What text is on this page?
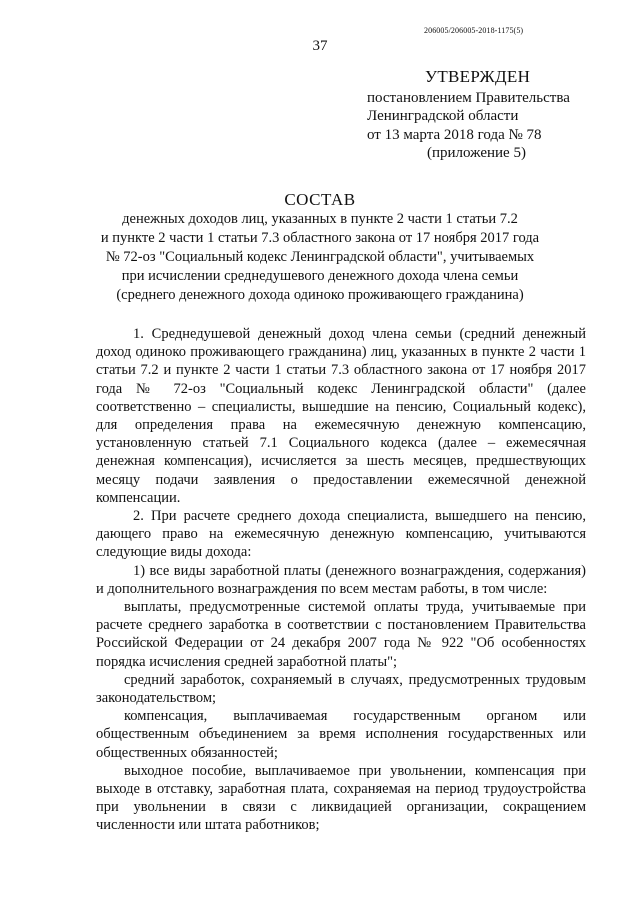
206005/206005-2018-1175(5)
37
УТВЕРЖДЕН
постановлением Правительства
Ленинградской области
от 13 марта 2018 года № 78
(приложение 5)
СОСТАВ
денежных доходов лиц, указанных в пункте 2 части 1 статьи 7.2
и пункте 2 части 1 статьи 7.3 областного закона от 17 ноября 2017 года
№ 72-оз "Социальный кодекс Ленинградской области", учитываемых
при исчислении среднедушевого денежного дохода члена семьи
(среднего денежного дохода одиноко проживающего гражданина)

1. Среднедушевой денежный доход члена семьи (средний денежный доход одиноко проживающего гражданина) лиц, указанных в пункте 2 части 1 статьи 7.2 и пункте 2 части 1 статьи 7.3 областного закона от 17 ноября 2017 года № 72-оз "Социальный кодекс Ленинградской области" (далее соответственно – специалисты, вышедшие на пенсию, Социальный кодекс), для определения права на ежемесячную денежную компенсацию, установленную статьей 7.1 Социального кодекса (далее – ежемесячная денежная компенсация), исчисляется за шесть месяцев, предшествующих месяцу подачи заявления о предоставлении ежемесячной денежной компенсации.

2. При расчете среднего дохода специалиста, вышедшего на пенсию, дающего право на ежемесячную денежную компенсацию, учитываются следующие виды дохода:

1) все виды заработной платы (денежного вознаграждения, содержания) и дополнительного вознаграждения по всем местам работы, в том числе:

выплаты, предусмотренные системой оплаты труда, учитываемые при расчете среднего заработка в соответствии с постановлением Правительства Российской Федерации от 24 декабря 2007 года № 922 "Об особенностях порядка исчисления средней заработной платы";

средний заработок, сохраняемый в случаях, предусмотренных трудовым законодательством;

компенсация, выплачиваемая государственным органом или общественным объединением за время исполнения государственных или общественных обязанностей;

выходное пособие, выплачиваемое при увольнении, компенсация при выходе в отставку, заработная плата, сохраняемая на период трудоустройства при увольнении в связи с ликвидацией организации, сокращением численности или штата работников;
